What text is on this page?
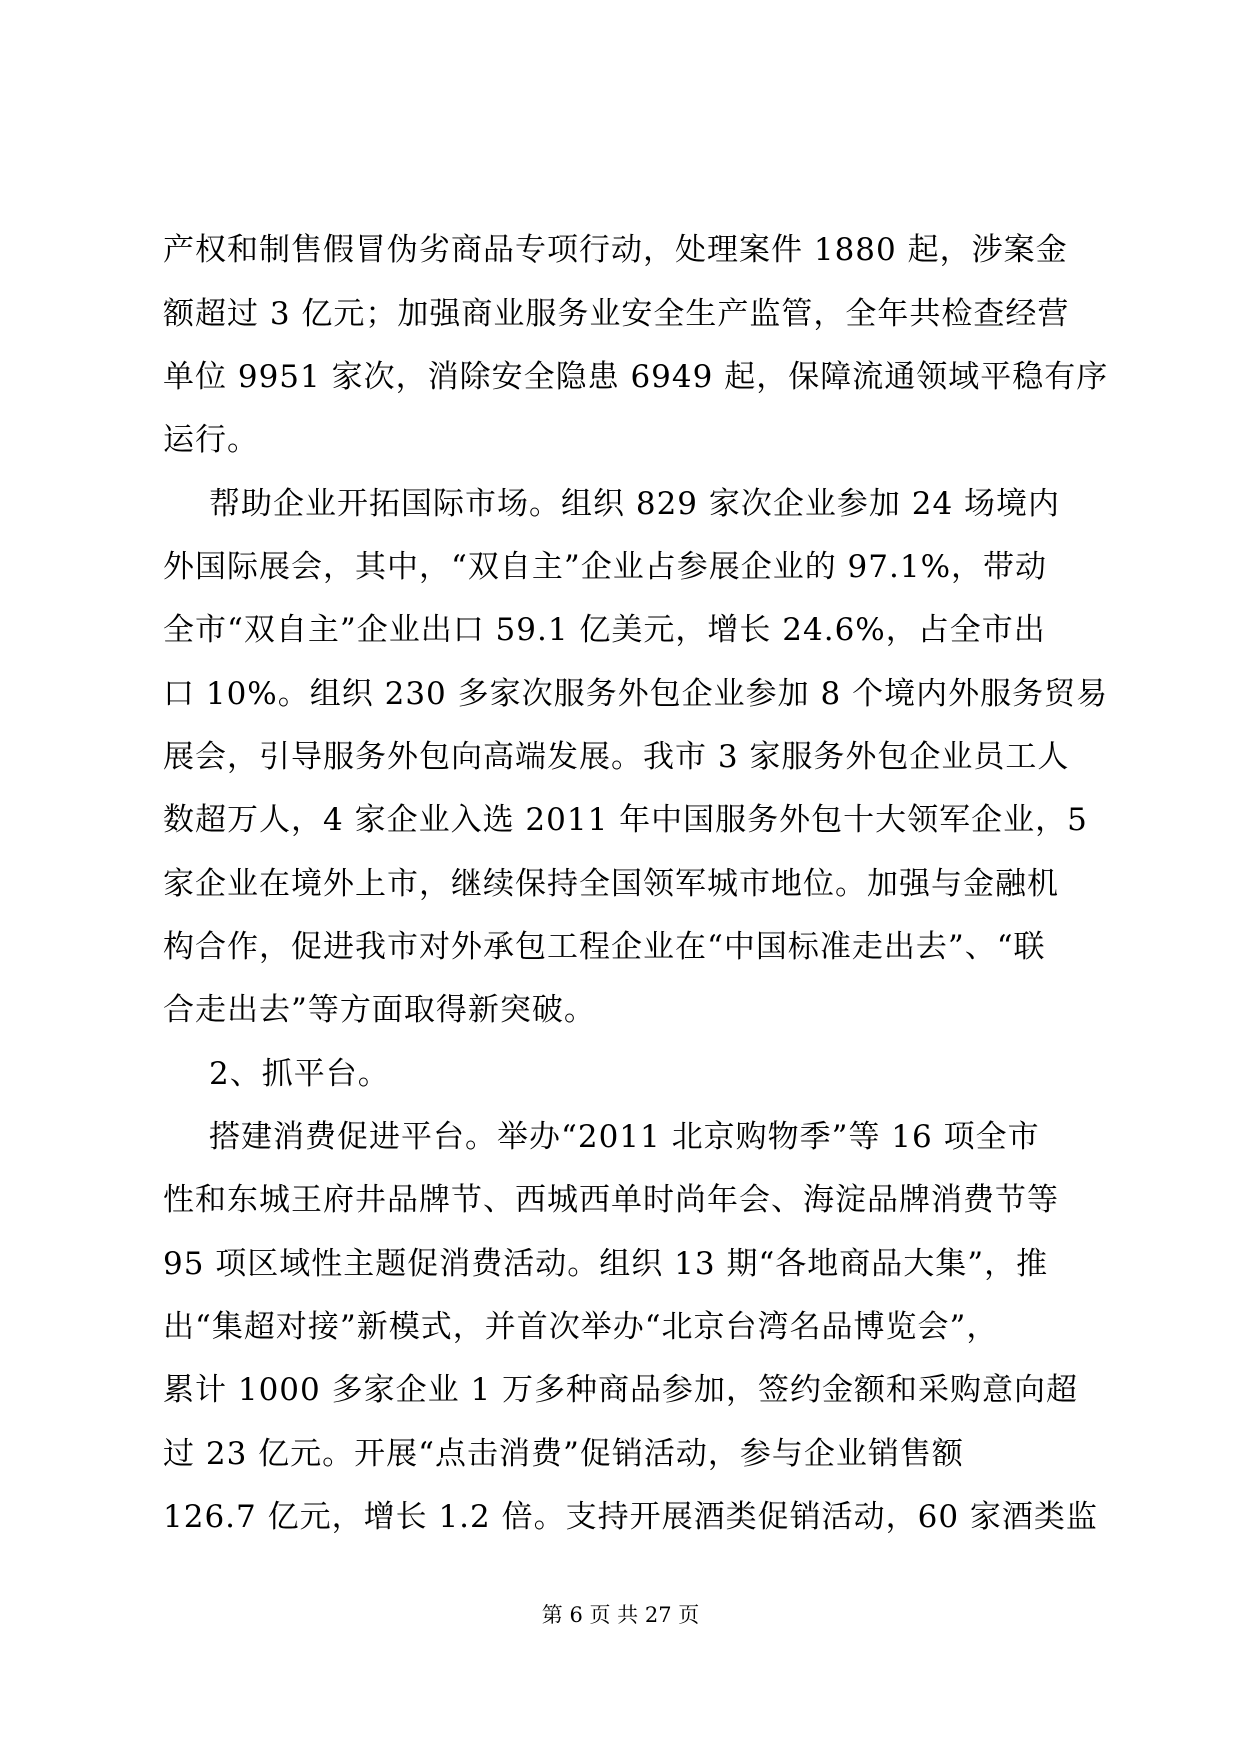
产权和制售假冒伪劣商品专项行动，处理案件 1880 起，涉案金
额超过 3 亿元；加强商业服务业安全生产监管，全年共检查经营
单位 9951 家次，消除安全隐患 6949 起，保障流通领域平稳有序
运行。
帮助企业开拓国际市场。组织 829 家次企业参加 24 场境内
外国际展会，其中，“双自主”企业占参展企业的 97.1%，带动
全市“双自主”企业出口 59.1 亿美元，增长 24.6%，占全市出
口 10%。组织 230 多家次服务外包企业参加 8 个境内外服务贸易
展会，引导服务外包向高端发展。我市 3 家服务外包企业员工人
数超万人，4 家企业入选 2011 年中国服务外包十大领军企业，5
家企业在境外上市，继续保持全国领军城市地位。加强与金融机
构合作，促进我市对外承包工程企业在“中国标准走出去”、“联
合走出去”等方面取得新突破。
2、抓平台。
搭建消费促进平台。举办“2011 北京购物季”等 16 项全市
性和东城王府井品牌节、西城西单时尚年会、海淀品牌消费节等
95 项区域性主题促消费活动。组织 13 期“各地商品大集”，推
出“集超对接”新模式，并首次举办“北京台湾名品博览会”，
累计 1000 多家企业 1 万多种商品参加，签约金额和采购意向超
过 23 亿元。开展“点击消费”促销活动，参与企业销售额
126.7 亿元，增长 1.2 倍。支持开展酒类促销活动，60 家酒类监
第 6 页 共 27 页
